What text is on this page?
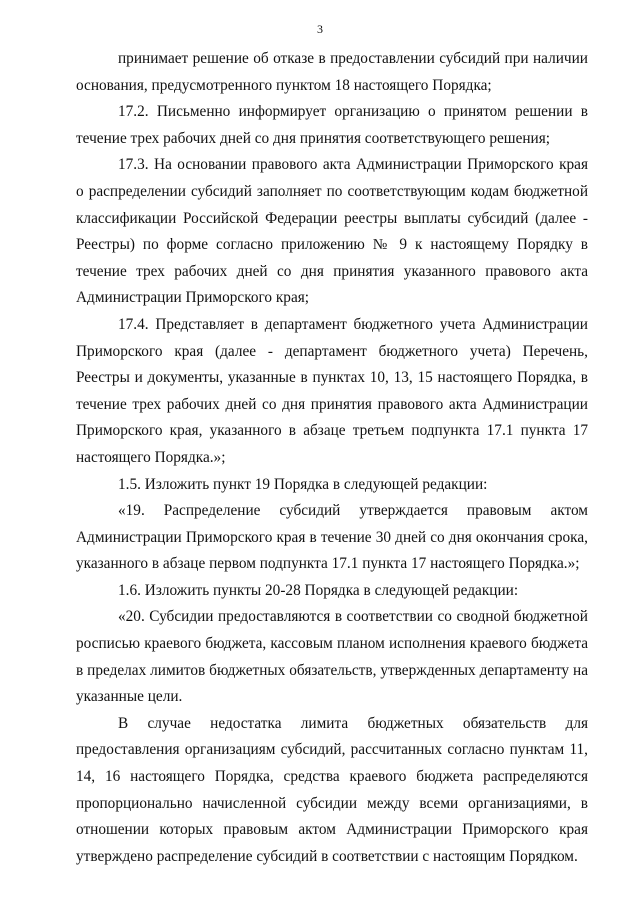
3

принимает решение об отказе в предоставлении субсидий при наличии основания, предусмотренного пунктом 18 настоящего Порядка;

17.2. Письменно информирует организацию о принятом решении в течение трех рабочих дней со дня принятия соответствующего решения;

17.3. На основании правового акта Администрации Приморского края о распределении субсидий заполняет по соответствующим кодам бюджетной классификации Российской Федерации реестры выплаты субсидий (далее - Реестры) по форме согласно приложению № 9 к настоящему Порядку в течение трех рабочих дней со дня принятия указанного правового акта Администрации Приморского края;

17.4. Представляет в департамент бюджетного учета Администрации Приморского края (далее - департамент бюджетного учета) Перечень, Реестры и документы, указанные в пунктах 10, 13, 15 настоящего Порядка, в течение трех рабочих дней со дня принятия правового акта Администрации Приморского края, указанного в абзаце третьем подпункта 17.1 пункта 17 настоящего Порядка.»;

1.5. Изложить пункт 19 Порядка в следующей редакции:

«19. Распределение субсидий утверждается правовым актом Администрации Приморского края в течение 30 дней со дня окончания срока, указанного в абзаце первом подпункта 17.1 пункта 17 настоящего Порядка.»;

1.6. Изложить пункты 20-28 Порядка в следующей редакции:

«20. Субсидии предоставляются в соответствии со сводной бюджетной росписью краевого бюджета, кассовым планом исполнения краевого бюджета в пределах лимитов бюджетных обязательств, утвержденных департаменту на указанные цели.

В случае недостатка лимита бюджетных обязательств для предоставления организациям субсидий, рассчитанных согласно пунктам 11, 14, 16 настоящего Порядка, средства краевого бюджета распределяются пропорционально начисленной субсидии между всеми организациями, в отношении которых правовым актом Администрации Приморского края утверждено распределение субсидий в соответствии с настоящим Порядком.
